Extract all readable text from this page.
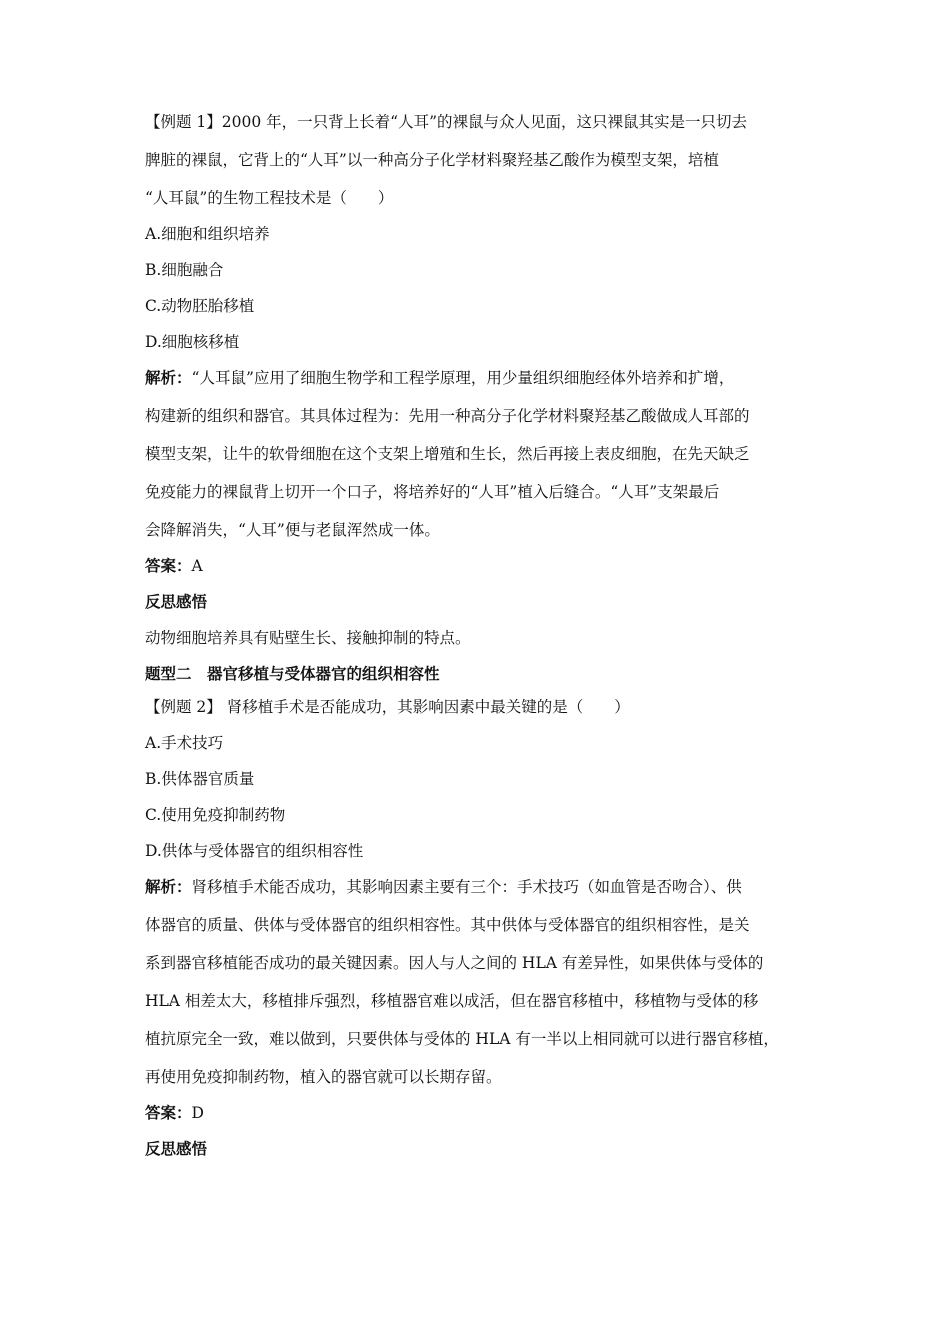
【例题 1】2000 年，一只背上长着“人耳”的裸鼠与众人见面，这只裸鼠其实是一只切去

脾脏的裸鼠，它背上的“人耳”以一种高分子化学材料聚羟基乙酸作为模型支架，培植

“人耳鼠”的生物工程技术是（　　）

A.细胞和组织培养

B.细胞融合

C.动物胚胎移植

D.细胞核移植

解析：“人耳鼠”应用了细胞生物学和工程学原理，用少量组织细胞经体外培养和扩增，

构建新的组织和器官。其具体过程为：先用一种高分子化学材料聚羟基乙酸做成人耳部的

模型支架，让牛的软骨细胞在这个支架上增殖和生长，然后再接上表皮细胞，在先天缺乏

免疫能力的裸鼠背上切开一个口子，将培养好的“人耳”植入后缝合。“人耳”支架最后

会降解消失，“人耳”便与老鼠浑然成一体。

答案：A

反思感悟

动物细胞培养具有贴壁生长、接触抑制的特点。

题型二　器官移植与受体器官的组织相容性

【例题 2】 肾移植手术是否能成功，其影响因素中最关键的是（　　）

A.手术技巧

B.供体器官质量

C.使用免疫抑制药物

D.供体与受体器官的组织相容性

解析：肾移植手术能否成功，其影响因素主要有三个：手术技巧（如血管是否吻合）、供

体器官的质量、供体与受体器官的组织相容性。其中供体与受体器官的组织相容性，是关

系到器官移植能否成功的最关键因素。因人与人之间的 HLA 有差异性，如果供体与受体的

HLA 相差太大，移植排斥强烈，移植器官难以成活，但在器官移植中，移植物与受体的移

植抗原完全一致，难以做到，只要供体与受体的 HLA 有一半以上相同就可以进行器官移植，

再使用免疫抑制药物，植入的器官就可以长期存留。

答案：D

反思感悟
